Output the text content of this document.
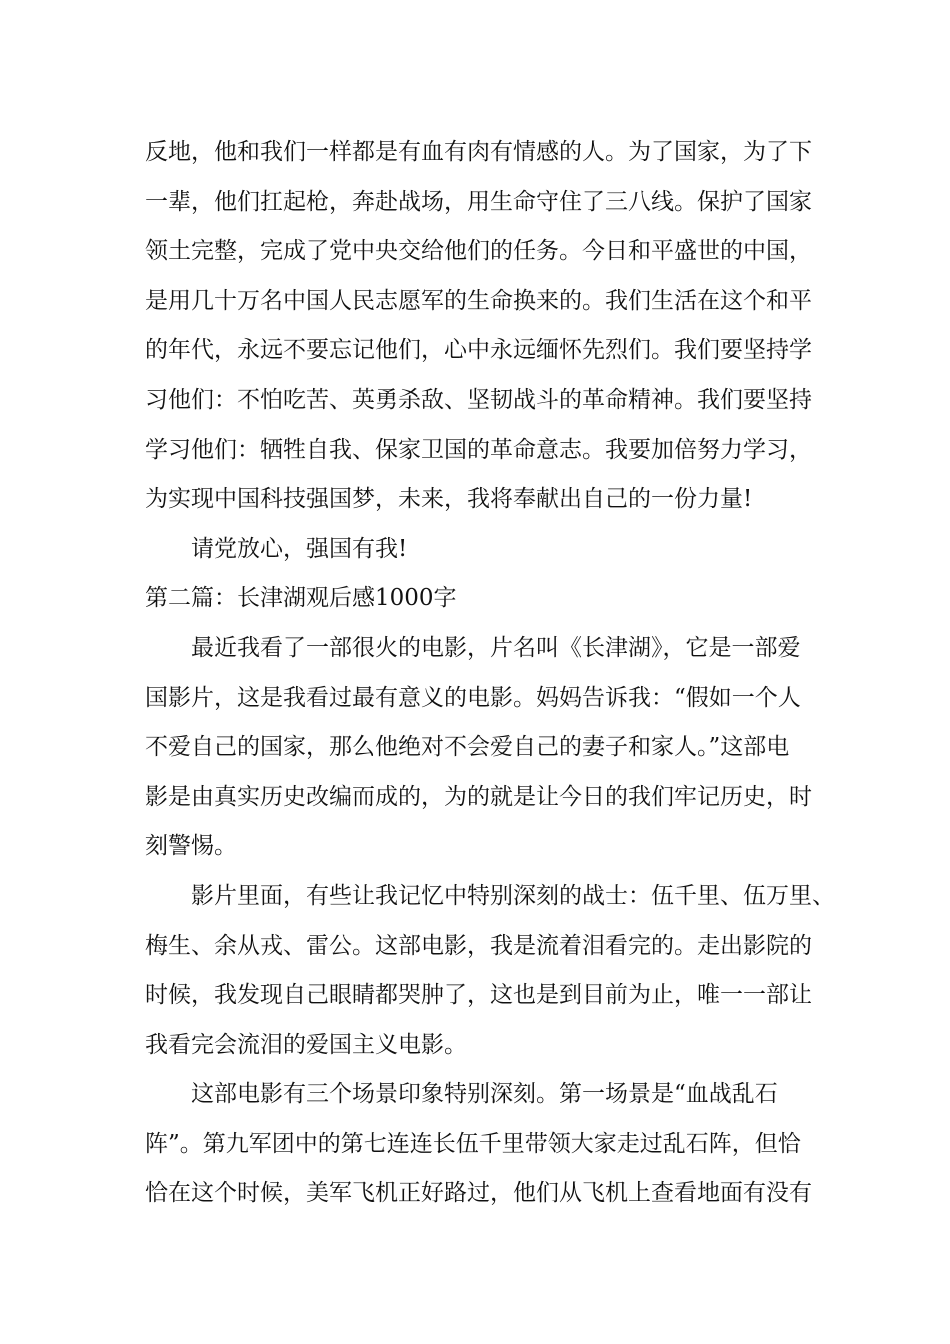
反地，他和我们一样都是有血有肉有情感的人。为了国家，为了下
一辈，他们扛起枪，奔赴战场，用生命守住了三八线。保护了国家
领土完整，完成了党中央交给他们的任务。今日和平盛世的中国，
是用几十万名中国人民志愿军的生命换来的。我们生活在这个和平
的年代，永远不要忘记他们，心中永远缅怀先烈们。我们要坚持学
习他们：不怕吃苦、英勇杀敌、坚韧战斗的革命精神。我们要坚持
学习他们：牺牲自我、保家卫国的革命意志。我要加倍努力学习，
为实现中国科技强国梦，未来，我将奉献出自己的一份力量!
请党放心，强国有我!
第二篇：长津湖观后感1000字
最近我看了一部很火的电影，片名叫《长津湖》，它是一部爱
国影片，这是我看过最有意义的电影。妈妈告诉我：“假如一个人
不爱自己的国家，那么他绝对不会爱自己的妻子和家人。”这部电
影是由真实历史改编而成的，为的就是让今日的我们牢记历史，时
刻警惕。
影片里面，有些让我记忆中特别深刻的战士：伍千里、伍万里、
梅生、余从戎、雷公。这部电影，我是流着泪看完的。走出影院的
时候，我发现自己眼睛都哭肿了，这也是到目前为止，唯一一部让
我看完会流泪的爱国主义电影。
这部电影有三个场景印象特别深刻。第一场景是“血战乱石
阵”。第九军团中的第七连连长伍千里带领大家走过乱石阵，但恰
恰在这个时候，美军飞机正好路过，他们从飞机上查看地面有没有
